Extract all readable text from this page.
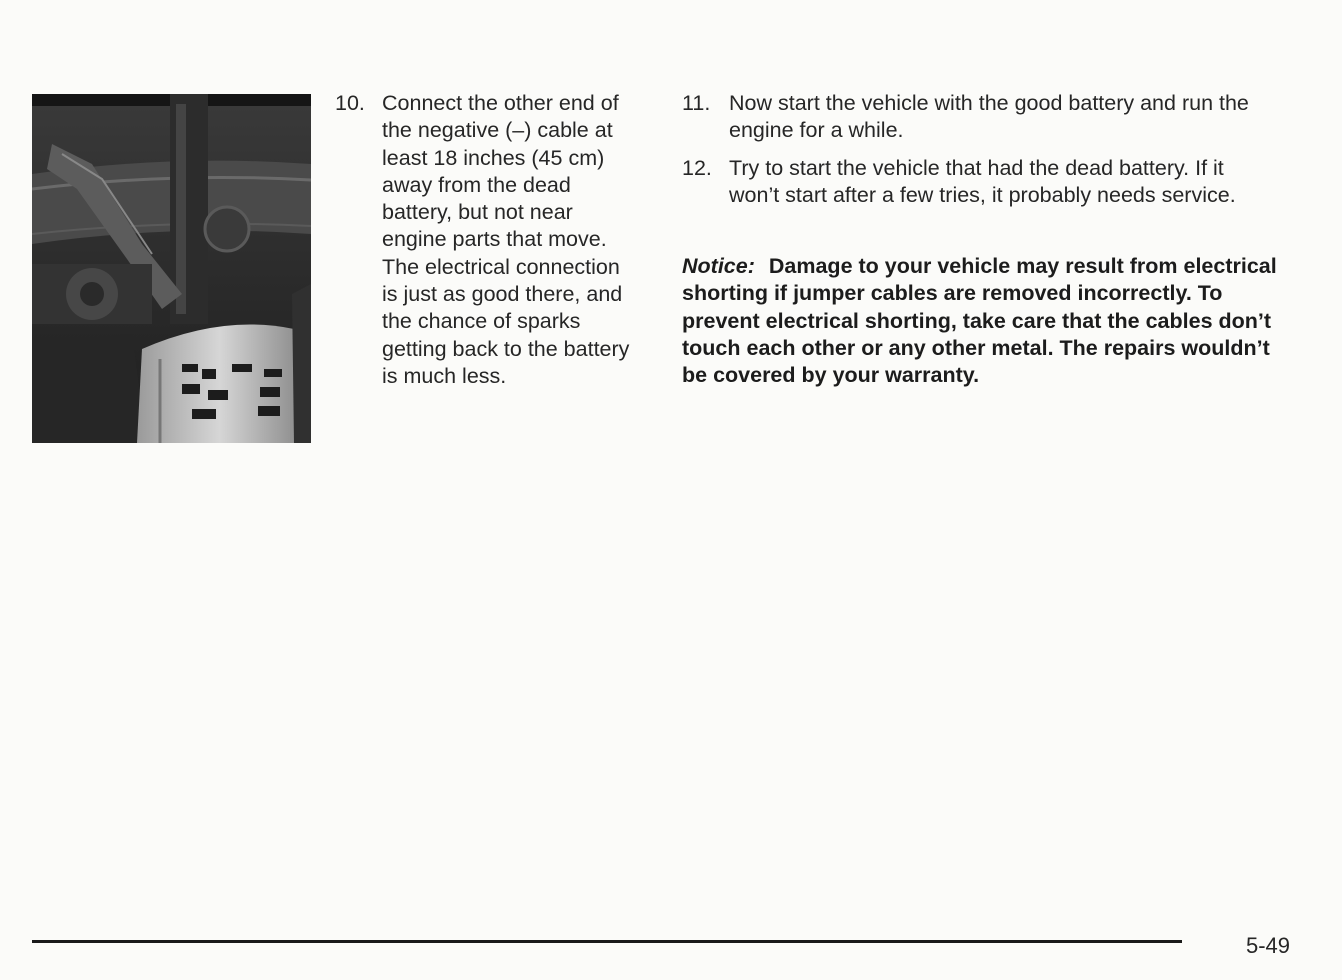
10. Connect the other end of the negative (–) cable at least 18 inches (45 cm) away from the dead battery, but not near engine parts that move. The electrical connection is just as good there, and the chance of sparks getting back to the battery is much less.
11. Now start the vehicle with the good battery and run the engine for a while.
12. Try to start the vehicle that had the dead battery. If it won’t start after a few tries, it probably needs service.
Notice: Damage to your vehicle may result from electrical shorting if jumper cables are removed incorrectly. To prevent electrical shorting, take care that the cables don’t touch each other or any other metal. The repairs wouldn’t be covered by your warranty.
5-49
